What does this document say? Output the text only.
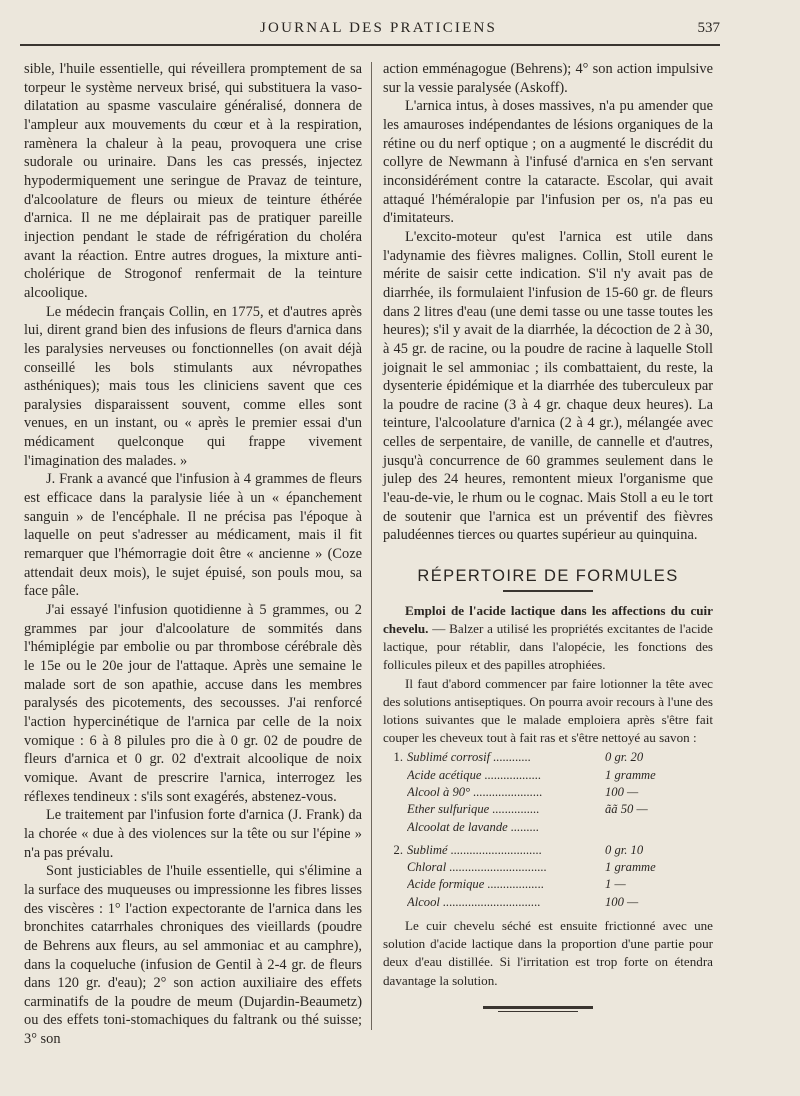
JOURNAL DES PRATICIENS	537

sible, l'huile essentielle, qui réveillera promptement de sa torpeur le système nerveux brisé, qui substituera la vaso-dilatation au spasme vasculaire généralisé, donnera de l'ampleur aux mouvements du cœur et à la respiration, ramènera la chaleur à la peau, provoquera une crise sudorale ou urinaire. Dans les cas pressés, injectez hypodermiquement une seringue de Pravaz de teinture, d'alcoolature de fleurs ou mieux de teinture éthérée d'arnica. Il ne me déplairait pas de pratiquer pareille injection pendant le stade de réfrigération du choléra avant la réaction. Entre autres drogues, la mixture anti-cholérique de Strogonof renfermait de la teinture alcoolique.

Le médecin français Collin, en 1775, et d'autres après lui, dirent grand bien des infusions de fleurs d'arnica dans les paralysies nerveuses ou fonctionnelles (on avait déjà conseillé les bols stimulants aux névropathes asthéniques); mais tous les cliniciens savent que ces paralysies disparaissent souvent, comme elles sont venues, en un instant, ou « après le premier essai d'un médicament quelconque qui frappe vivement l'imagination des malades. »

J. Frank a avancé que l'infusion à 4 grammes de fleurs est efficace dans la paralysie liée à un « épanchement sanguin » de l'encéphale. Il ne précisa pas l'époque à laquelle on peut s'adresser au médicament, mais il fit remarquer que l'hémorragie doit être « ancienne » (Coze attendait deux mois), le sujet épuisé, son pouls mou, sa face pâle.

J'ai essayé l'infusion quotidienne à 5 grammes, ou 2 grammes par jour d'alcoolature de sommités dans l'hémiplégie par embolie ou par thrombose cérébrale dès le 15e ou le 20e jour de l'attaque. Après une semaine le malade sort de son apathie, accuse dans les membres paralysés des picotements, des secousses. J'ai renforcé l'action hypercinétique de l'arnica par celle de la noix vomique : 6 à 8 pilules pro die à 0 gr. 02 de poudre de fleurs d'arnica et 0 gr. 02 d'extrait alcoolique de noix vomique. Avant de prescrire l'arnica, interrogez les réflexes tendineux : s'ils sont exagérés, abstenez-vous.

Le traitement par l'infusion forte d'arnica (J. Frank) da la chorée « due à des violences sur la tête ou sur l'épine » n'a pas prévalu.

Sont justiciables de l'huile essentielle, qui s'élimine a la surface des muqueuses ou impressionne les fibres lisses des viscères : 1° l'action expectorante de l'arnica dans les bronchites catarrhales chroniques des vieillards (poudre de Behrens aux fleurs, au sel ammoniac et au camphre), dans la coqueluche (infusion de Gentil à 2-4 gr. de fleurs dans 120 gr. d'eau); 2° son action auxiliaire des effets carminatifs de la poudre de meum (Dujardin-Beaumetz) ou des effets toni-stomachiques du faltrank ou thé suisse; 3° son

action emménagogue (Behrens); 4° son action impulsive sur la vessie paralysée (Askoff).

L'arnica intus, à doses massives, n'a pu amender que les amauroses indépendantes de lésions organiques de la rétine ou du nerf optique ; on a augmenté le discrédit du collyre de Newmann à l'infusé d'arnica en s'en servant inconsidérément contre la cataracte. Escolar, qui avait attaqué l'héméralopie par l'infusion per os, n'a pas eu d'imitateurs.

L'excito-moteur qu'est l'arnica est utile dans l'adynamie des fièvres malignes. Collin, Stoll eurent le mérite de saisir cette indication. S'il n'y avait pas de diarrhée, ils formulaient l'infusion de 15-60 gr. de fleurs dans 2 litres d'eau (une demi tasse ou une tasse toutes les heures); s'il y avait de la diarrhée, la décoction de 2 à 30, à 45 gr. de racine, ou la poudre de racine à laquelle Stoll joignait le sel ammoniac ; ils combattaient, du reste, la dysenterie épidémique et la diarrhée des tuberculeux par la poudre de racine (3 à 4 gr. chaque deux heures). La teinture, l'alcoolature d'arnica (2 à 4 gr.), mélangée avec celles de serpentaire, de vanille, de cannelle et d'autres, jusqu'à concurrence de 60 grammes seulement dans le julep des 24 heures, remontent mieux l'organisme que l'eau-de-vie, le rhum ou le cognac. Mais Stoll a eu le tort de soutenir que l'arnica est un préventif des fièvres paludéennes tierces ou quartes supérieur au quinquina.

RÉPERTOIRE DE FORMULES

Emploi de l'acide lactique dans les affections du cuir chevelu. — Balzer a utilisé les propriétés excitantes de l'acide lactique, pour rétablir, dans l'alopécie, les fonctions des follicules pileux et des papilles atrophiées.

Il faut d'abord commencer par faire lotionner la tête avec des solutions antiseptiques. On pourra avoir recours à l'une des lotions suivantes que le malade emploiera après s'être fait couper les cheveux tout à fait ras et s'être nettoyé au savon :

1. Sublimé corrosif ............	0 gr. 20
Acide acétique ..................	1 gramme
Alcool à 90° ......................	100 —
Ether sulfurique ...............	ãã 50 —
Alcoolat de lavande .........
2. Sublimé .............................	0 gr. 10
Chloral ...............................	1 gramme
Acide formique ..................	1 —
Alcool ...............................	100 —

Le cuir chevelu séché est ensuite frictionné avec une solution d'acide lactique dans la proportion d'une partie pour deux d'eau distillée. Si l'irritation est trop forte on étendra davantage la solution.
